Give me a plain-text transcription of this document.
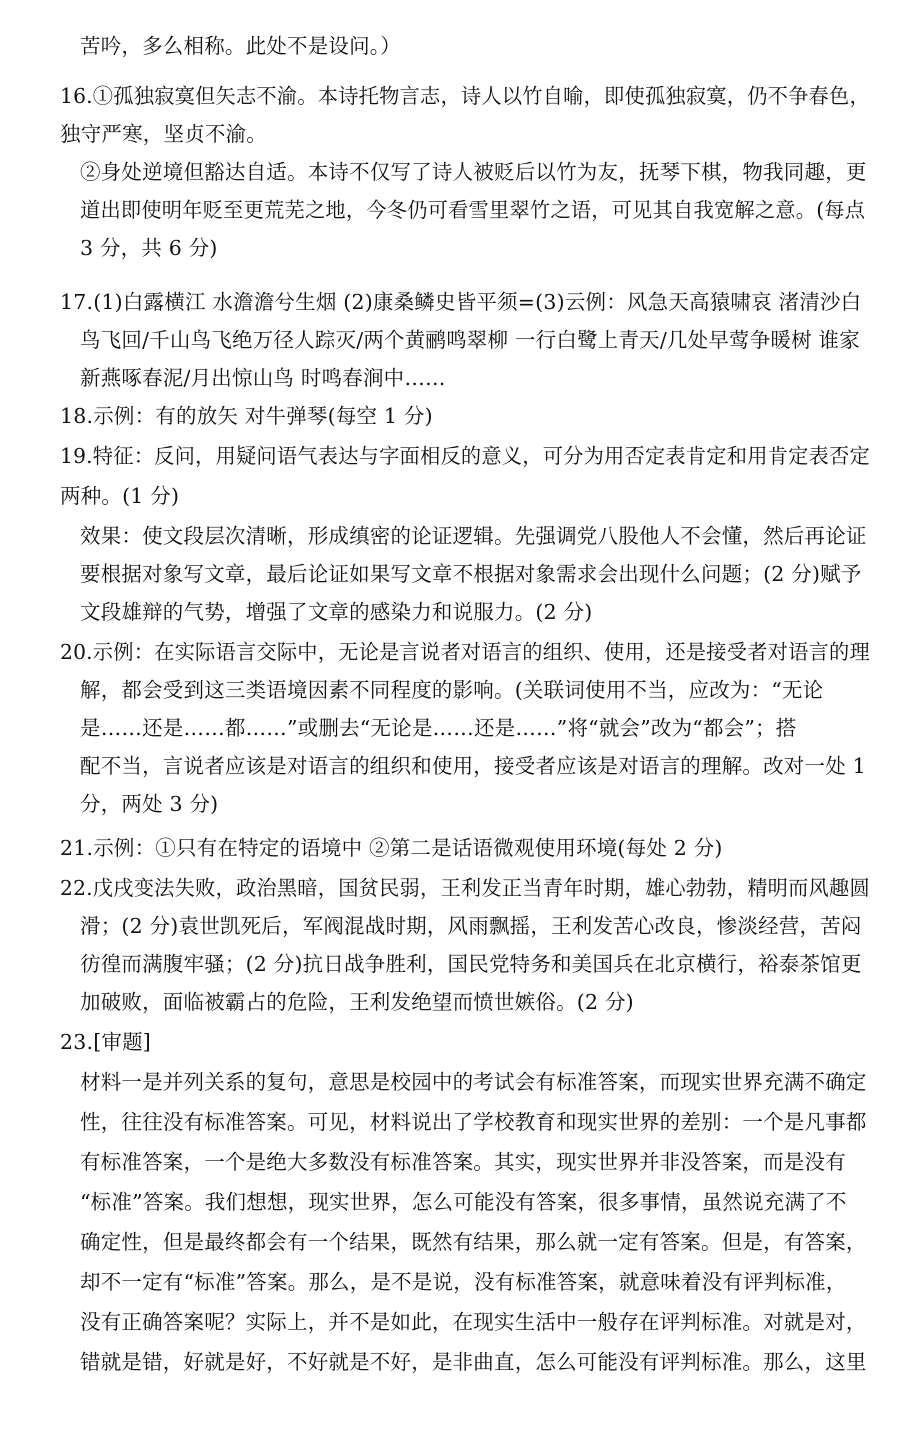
苦吟，多么相称。此处不是设问。）
16.①孤独寂寞但矢志不渝。本诗托物言志，诗人以竹自喻，即使孤独寂寞，仍不争春色，
独守严寒，坚贞不渝。
②身处逆境但豁达自适。本诗不仅写了诗人被贬后以竹为友，抚琴下棋，物我同趣，更
道出即使明年贬至更荒芜之地，今冬仍可看雪里翠竹之语，可见其自我宽解之意。(每点
3 分，共 6 分)
17.(1)白露横江 水澹澹兮生烟 (2)康桑鳞史皆平须=(3)云例：风急天高猿啸哀 渚清沙白
鸟飞回/千山鸟飞绝万径人踪灭/两个黄鹂鸣翠柳 一行白鹭上青天/几处早莺争暖树 谁家
新燕啄春泥/月出惊山鸟 时鸣春涧中……
18.示例：有的放矢 对牛弹琴(每空 1 分)
19.特征：反问，用疑问语气表达与字面相反的意义，可分为用否定表肯定和用肯定表否定
两种。(1 分)
效果：使文段层次清晰，形成缜密的论证逻辑。先强调党八股他人不会懂，然后再论证
要根据对象写文章，最后论证如果写文章不根据对象需求会出现什么问题；(2 分)赋予
文段雄辩的气势，增强了文章的感染力和说服力。(2 分)
20.示例：在实际语言交际中，无论是言说者对语言的组织、使用，还是接受者对语言的理
解，都会受到这三类语境因素不同程度的影响。(关联词使用不当，应改为：“无论
是……还是……都……”或删去“无论是……还是……”将“就会”改为“都会”；搭
配不当，言说者应该是对语言的组织和使用，接受者应该是对语言的理解。改对一处 1
分，两处 3 分)
21.示例：①只有在特定的语境中 ②第二是话语微观使用环境(每处 2 分)
22.戊戌变法失败，政治黑暗，国贫民弱，王利发正当青年时期，雄心勃勃，精明而风趣圆
滑；(2 分)袁世凯死后，军阀混战时期，风雨飘摇，王利发苦心改良，惨淡经营，苦闷
彷徨而满腹牢骚；(2 分)抗日战争胜利，国民党特务和美国兵在北京横行，裕泰茶馆更
加破败，面临被霸占的危险，王利发绝望而愤世嫉俗。(2 分)
23.[审题]
材料一是并列关系的复句，意思是校园中的考试会有标准答案，而现实世界充满不确定
性，往往没有标准答案。可见，材料说出了学校教育和现实世界的差别：一个是凡事都
有标准答案，一个是绝大多数没有标准答案。其实，现实世界并非没答案，而是没有
“标准”答案。我们想想，现实世界，怎么可能没有答案，很多事情，虽然说充满了不
确定性，但是最终都会有一个结果，既然有结果，那么就一定有答案。但是，有答案，
却不一定有“标准”答案。那么，是不是说，没有标准答案，就意味着没有评判标准，
没有正确答案呢？实际上，并不是如此，在现实生活中一般存在评判标准。对就是对，
错就是错，好就是好，不好就是不好，是非曲直，怎么可能没有评判标准。那么，这里
